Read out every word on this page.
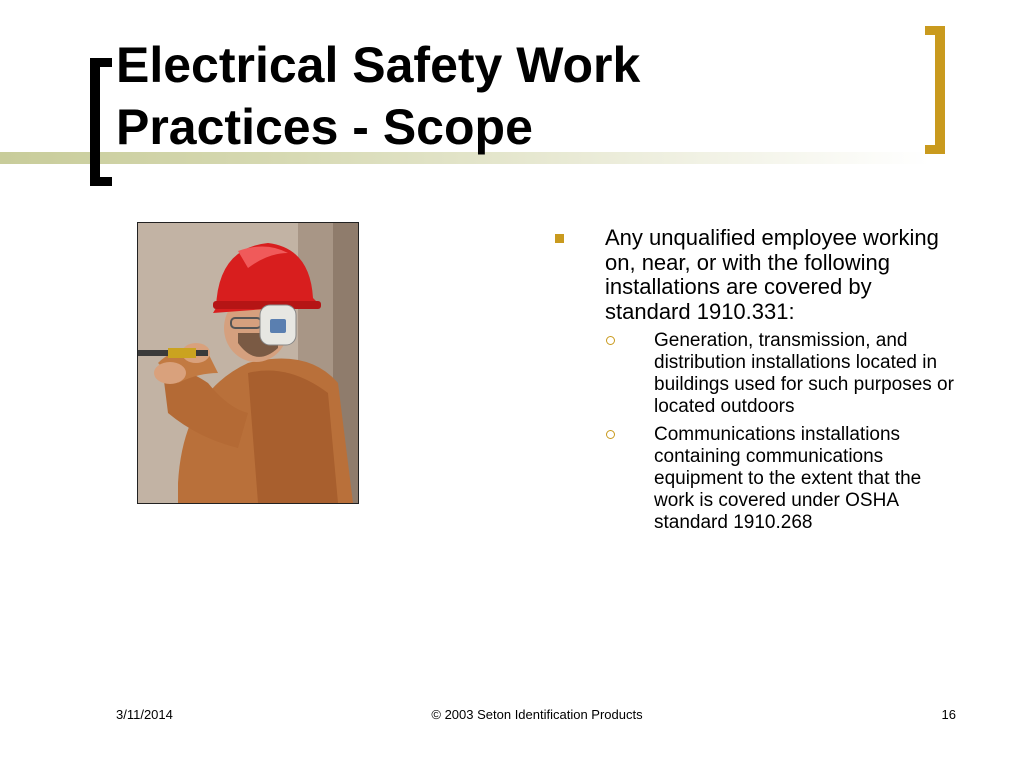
Electrical Safety Work
Practices - Scope
Any unqualified employee working on, near, or with the following installations are covered by standard 1910.331:
Generation, transmission, and distribution installations located in buildings used for such purposes or located outdoors
Communications installations containing communications equipment to the extent that the work is covered under OSHA standard 1910.268
3/11/2014	© 2003 Seton Identification Products	16
